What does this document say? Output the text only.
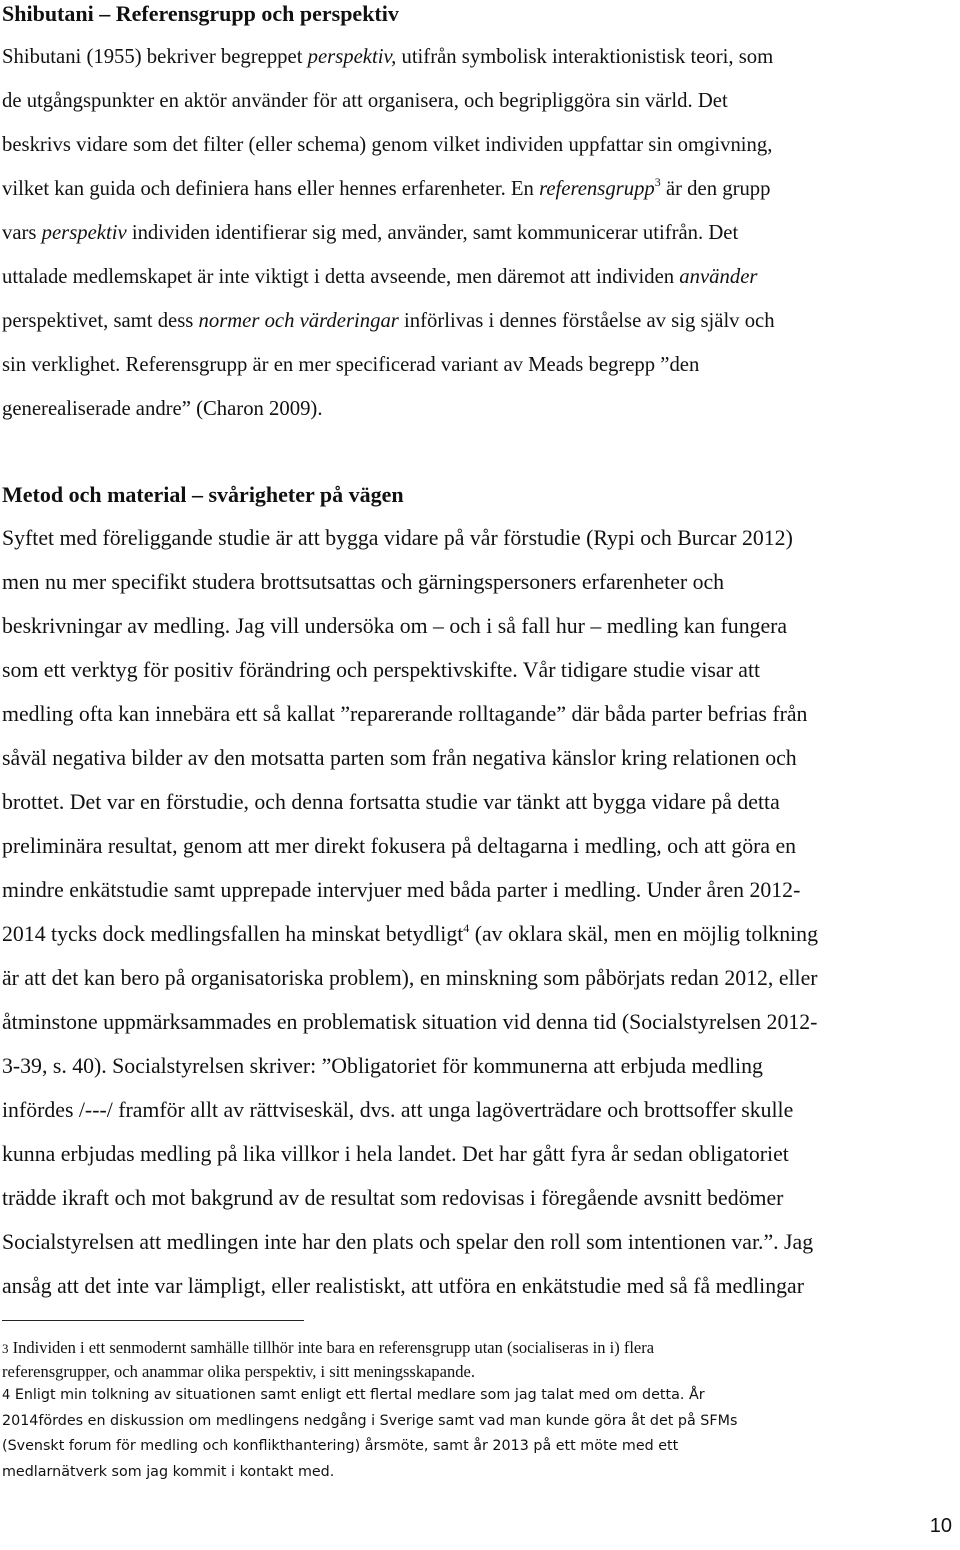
Shibutani – Referensgrupp och perspektiv
Shibutani (1955) bekriver begreppet perspektiv, utifrån symbolisk interaktionistisk teori, som
de utgångspunkter en aktör använder för att organisera, och begripliggöra sin värld. Det
beskrivs vidare som det filter (eller schema) genom vilket individen uppfattar sin omgivning,
vilket kan guida och definiera hans eller hennes erfarenheter. En referensgrupp$^3$ är den grupp
vars perspektiv individen identifierar sig med, använder, samt kommunicerar utifrån. Det
uttalade medlemskapet är inte viktigt i detta avseende, men däremot att individen använder
perspektivet, samt dess normer och värderingar införlivas i dennes förståelse av sig själv och
sin verklighet. Referensgrupp är en mer specificerad variant av Meads begrepp ”den
generealiserade andre” (Charon 2009).
Metod och material – svårigheter på vägen
Syftet med föreliggande studie är att bygga vidare på vår förstudie (Rypi och Burcar 2012)
men nu mer specifikt studera brottsutsattas och gärningspersoners erfarenheter och
beskrivningar av medling. Jag vill undersöka om – och i så fall hur – medling kan fungera
som ett verktyg för positiv förändring och perspektivskifte. Vår tidigare studie visar att
medling ofta kan innebära ett så kallat ”reparerande rolltagande” där båda parter befrias från
såväl negativa bilder av den motsatta parten som från negativa känslor kring relationen och
brottet. Det var en förstudie, och denna fortsatta studie var tänkt att bygga vidare på detta
preliminära resultat, genom att mer direkt fokusera på deltagarna i medling, och att göra en
mindre enkätstudie samt upprepade intervjuer med båda parter i medling. Under åren 2012-
2014 tycks dock medlingsfallen ha minskat betydligt$^4$ (av oklara skäl, men en möjlig tolkning
är att det kan bero på organisatoriska problem), en minskning som påbörjats redan 2012, eller
åtminstone uppmärksammades en problematisk situation vid denna tid (Socialstyrelsen 2012-
3-39, s. 40). Socialstyrelsen skriver: ”Obligatoriet för kommunerna att erbjuda medling
infördes /---/ framför allt av rättviseskäl, dvs. att unga lagöverträdare och brottsoffer skulle
kunna erbjudas medling på lika villkor i hela landet. Det har gått fyra år sedan obligatoriet
trädde ikraft och mot bakgrund av de resultat som redovisas i föregående avsnitt bedömer
Socialstyrelsen att medlingen inte har den plats och spelar den roll som intentionen var.”. Jag
ansåg att det inte var lämpligt, eller realistiskt, att utföra en enkätstudie med så få medlingar
3 Individen i ett senmodernt samhälle tillhör inte bara en referensgrupp utan (socialiseras in i) flera
referensgrupper, och anammar olika perspektiv, i sitt meningsskapande.
4 Enligt min tolkning av situationen samt enligt ett flertal medlare som jag talat med om detta. År
2014fördes en diskussion om medlingens nedgång i Sverige samt vad man kunde göra åt det på SFMs
(Svenskt forum för medling och konflikthantering) årsmöte, samt år 2013 på ett möte med ett
medlarnätverk som jag kommit i kontakt med.
10
